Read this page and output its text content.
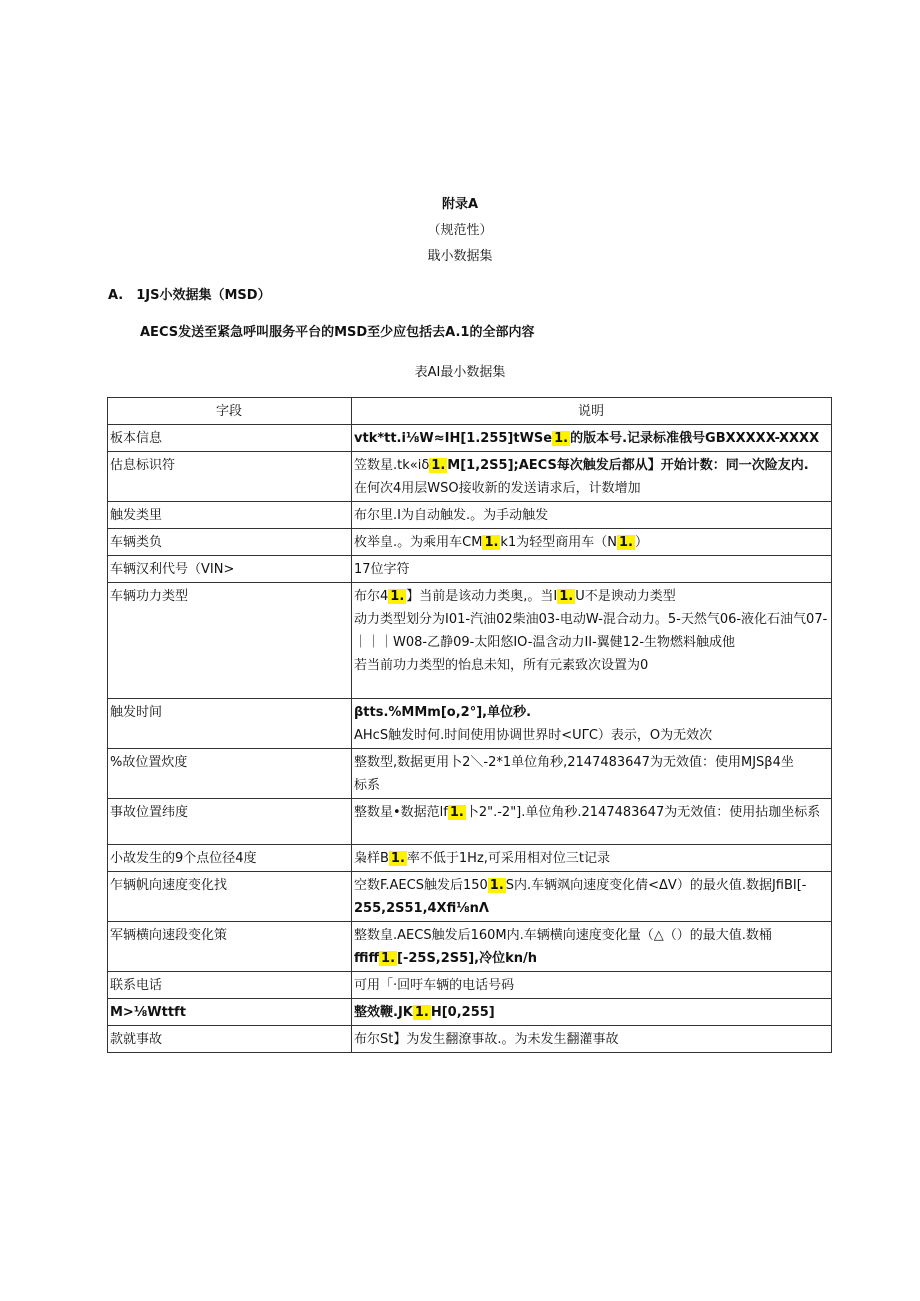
附录A
（规范性）
戢小数据集
A.　1JS小效据集（MSD）
AECS发送至紧急呼叫服务平台的MSD至少应包括去A.1的全部内容
表AI最小数据集
字段	说明
板本信息	vtk*tt.i⅛W≈IH[1.255]tWSe 1. 的版本号.记录标准俄号GBXXXXX-XXXX

估息标识符	笠数星.tk«iδ 1. M[1,2S5];AECS每次触发后都从】开始计数：同一次险友内.
在何次4用层WSO接收新的发送请求后，计数增加

触发类里	布尔里.I为自动触发.。为手动触发

车辆类负	枚举皇.。为乘用车CM 1. k1为轻型商用车（N 1. ）

车辆汉利代号（VIN>	17位字符

车辆功力类型	布尔4 1. 】当前是该动力类奥,。当I 1. U不是谀动力类型
动力类型划分为I01-汽油02柴油03-电动W-混合动力。5-天然气06-液化石油气07-
｜｜｜W08-乙静09-太阳悠IO-温含动力II-翼健12-生物燃料触成他
若当前功力类型的怡息未知，所有元素致次设置为0

触发时间	βtts.%MMm[o,2°],单位秒.
AHcS触发时何.时间使用协调世界时<UΓC）表示，O为无效次

%故位置炊度	整数型,数据更用卜2＼-2*1单位角秒,2147483647为无效值：使用MJSβ4坐
标系

事故位置纬度	整数星•数据范lf 1. 卜2".-2"].单位角秒.2147483647为无效值：使用拈珈坐标系

小故发生的9个点位径4度	枭样B 1. 率不低于1Hz,可采用相对位三t记录

乍辆帆向速度变化找	空数F.AECS触发后150 1. S内.车辆飒向速度变化倩<ΔV）的最火值.数据JfiBI[-
255,2S51,4Xfi⅛nΛ

军辆横向速段变化策	整数皇.AECS触发后160M内.车辆横向速度变化量（△（）的最大值.数桶
ffiff 1. [-25S,2S5],冷位kn/h

联系电话	可用「·回吁车辆的电话号码

M>⅛Wttft	整效鞭.JK 1. H[0,255]

款就事故	布尔St】为发生翻潦事故.。为未发生翻灌事故
